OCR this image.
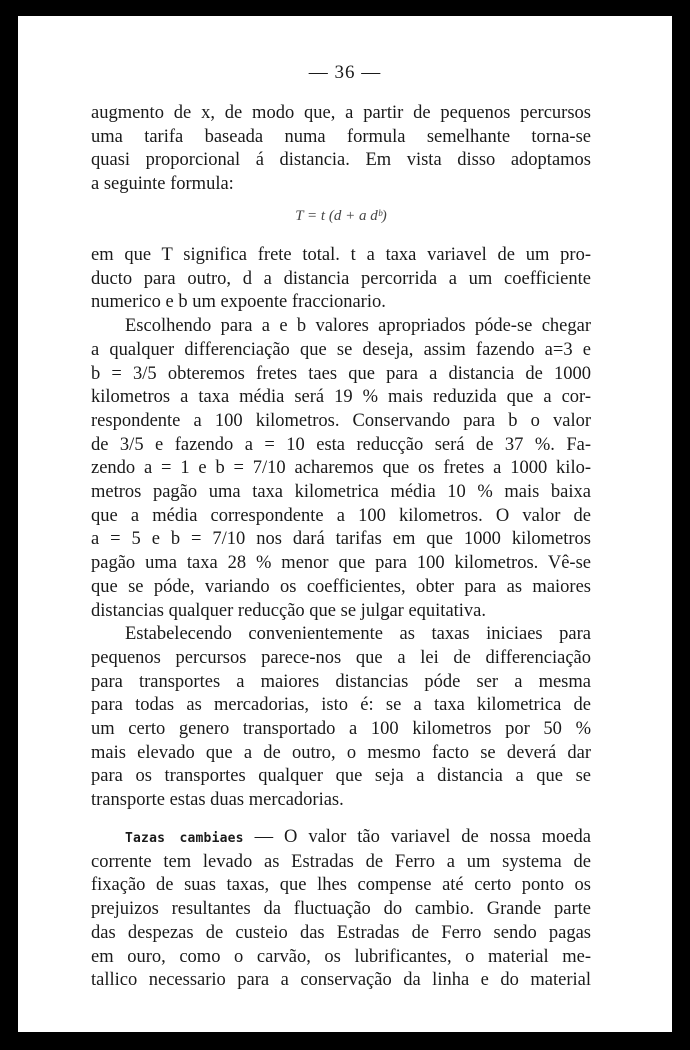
— 36 —

augmento de x, de modo que, a partir de pequenos percursos
uma tarifa baseada numa formula semelhante torna-se
quasi proporcional á distancia. Em vista disso adoptamos
a seguinte formula:

T = t (d + a dᵇ)

em que T significa frete total. t a taxa variavel de um pro-
ducto para outro, d a distancia percorrida a um coefficiente
numerico e b um expoente fraccionario.

Escolhendo para a e b valores apropriados póde-se chegar
a qualquer differenciação que se deseja, assim fazendo a=3 e
b = 3/5 obteremos fretes taes que para a distancia de 1000
kilometros a taxa média será 19 % mais reduzida que a cor-
respondente a 100 kilometros. Conservando para b o valor
de 3/5 e fazendo a = 10 esta reducção será de 37 %. Fa-
zendo a = 1 e b = 7/10 acharemos que os fretes a 1000 kilo-
metros pagão uma taxa kilometrica média 10 % mais baixa
que a média correspondente a 100 kilometros. O valor de
a = 5 e b = 7/10 nos dará tarifas em que 1000 kilometros
pagão uma taxa 28 % menor que para 100 kilometros. Vê-se
que se póde, variando os coefficientes, obter para as maiores
distancias qualquer reducção que se julgar equitativa.

Estabelecendo convenientemente as taxas iniciaes para
pequenos percursos parece-nos que a lei de differenciação
para transportes a maiores distancias póde ser a mesma
para todas as mercadorias, isto é: se a taxa kilometrica de
um certo genero transportado a 100 kilometros por 50 %
mais elevado que a de outro, o mesmo facto se deverá dar
para os transportes qualquer que seja a distancia a que se
transporte estas duas mercadorias.

Tazas cambiaes — O valor tão variavel de nossa moeda
corrente tem levado as Estradas de Ferro a um systema de
fixação de suas taxas, que lhes compense até certo ponto os
prejuizos resultantes da fluctuação do cambio. Grande parte
das despezas de custeio das Estradas de Ferro sendo pagas
em ouro, como o carvão, os lubrificantes, o material me-
tallico necessario para a conservação da linha e do material
